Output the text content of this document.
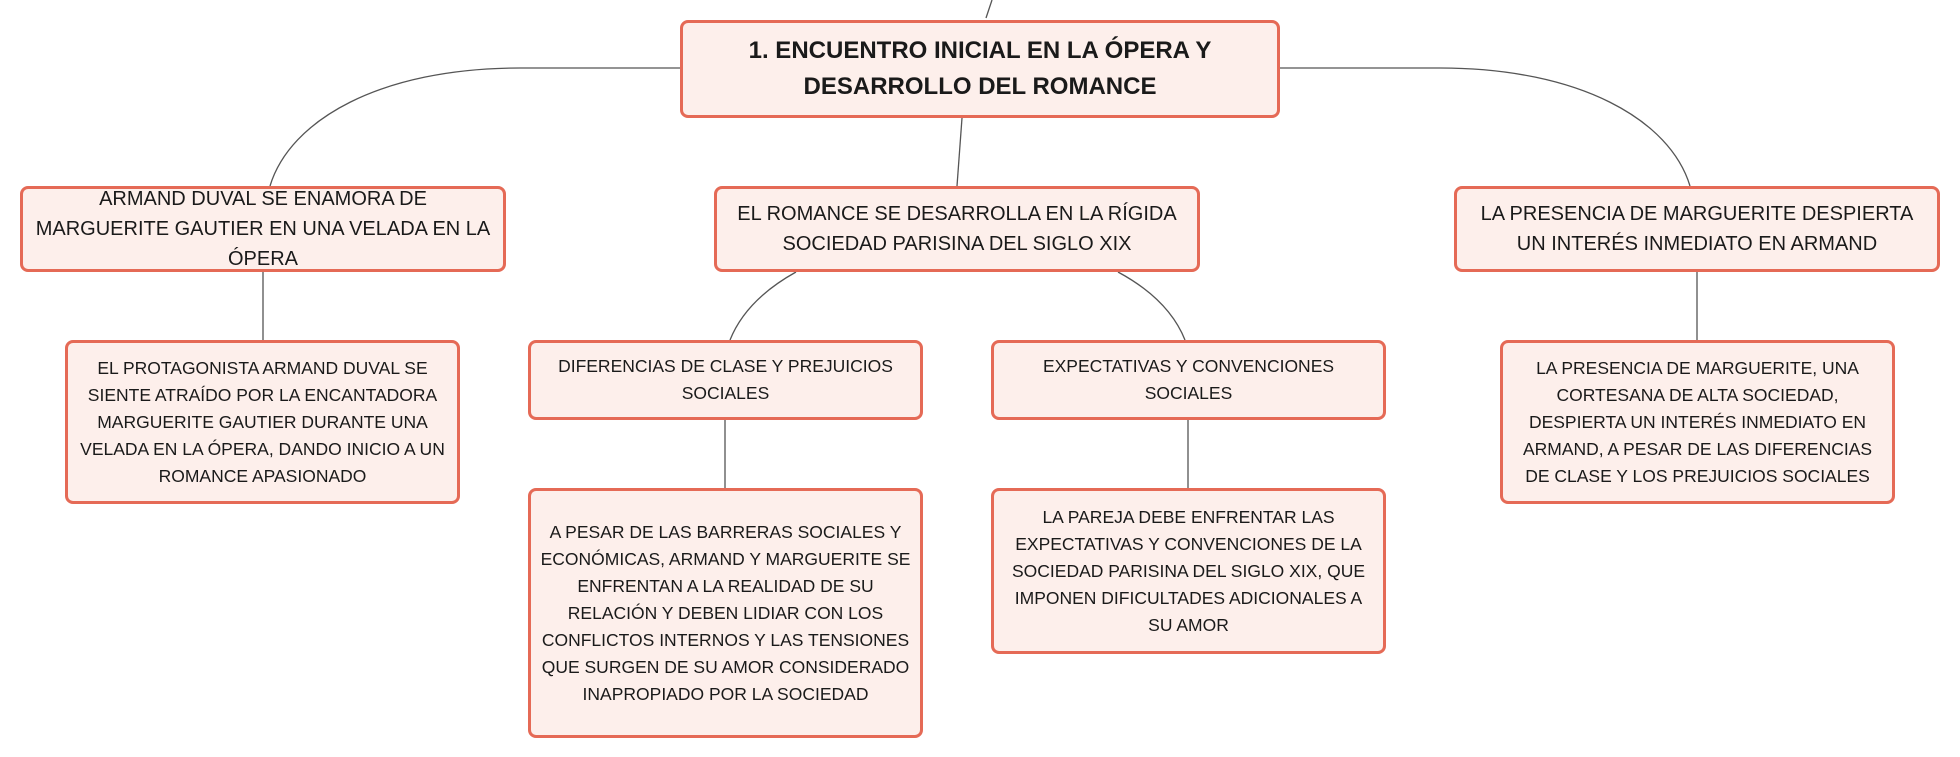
1. ENCUENTRO INICIAL EN LA ÓPERA Y DESARROLLO DEL ROMANCE
ARMAND DUVAL SE ENAMORA DE MARGUERITE GAUTIER EN UNA VELADA EN LA ÓPERA
EL ROMANCE SE DESARROLLA EN LA RÍGIDA SOCIEDAD PARISINA DEL SIGLO XIX
LA PRESENCIA DE MARGUERITE DESPIERTA UN INTERÉS INMEDIATO EN ARMAND
EL PROTAGONISTA ARMAND DUVAL SE SIENTE ATRAÍDO POR LA ENCANTADORA MARGUERITE GAUTIER DURANTE UNA VELADA EN LA ÓPERA, DANDO INICIO A UN ROMANCE APASIONADO
DIFERENCIAS DE CLASE Y PREJUICIOS SOCIALES
EXPECTATIVAS Y CONVENCIONES SOCIALES
LA PRESENCIA DE MARGUERITE, UNA CORTESANA DE ALTA SOCIEDAD, DESPIERTA UN INTERÉS INMEDIATO EN ARMAND, A PESAR DE LAS DIFERENCIAS DE CLASE Y LOS PREJUICIOS SOCIALES
A PESAR DE LAS BARRERAS SOCIALES Y ECONÓMICAS, ARMAND Y MARGUERITE SE ENFRENTAN A LA REALIDAD DE SU RELACIÓN Y DEBEN LIDIAR CON LOS CONFLICTOS INTERNOS Y LAS TENSIONES QUE SURGEN DE SU AMOR CONSIDERADO INAPROPIADO POR LA SOCIEDAD
LA PAREJA DEBE ENFRENTAR LAS EXPECTATIVAS Y CONVENCIONES DE LA SOCIEDAD PARISINA DEL SIGLO XIX, QUE IMPONEN DIFICULTADES ADICIONALES A SU AMOR
